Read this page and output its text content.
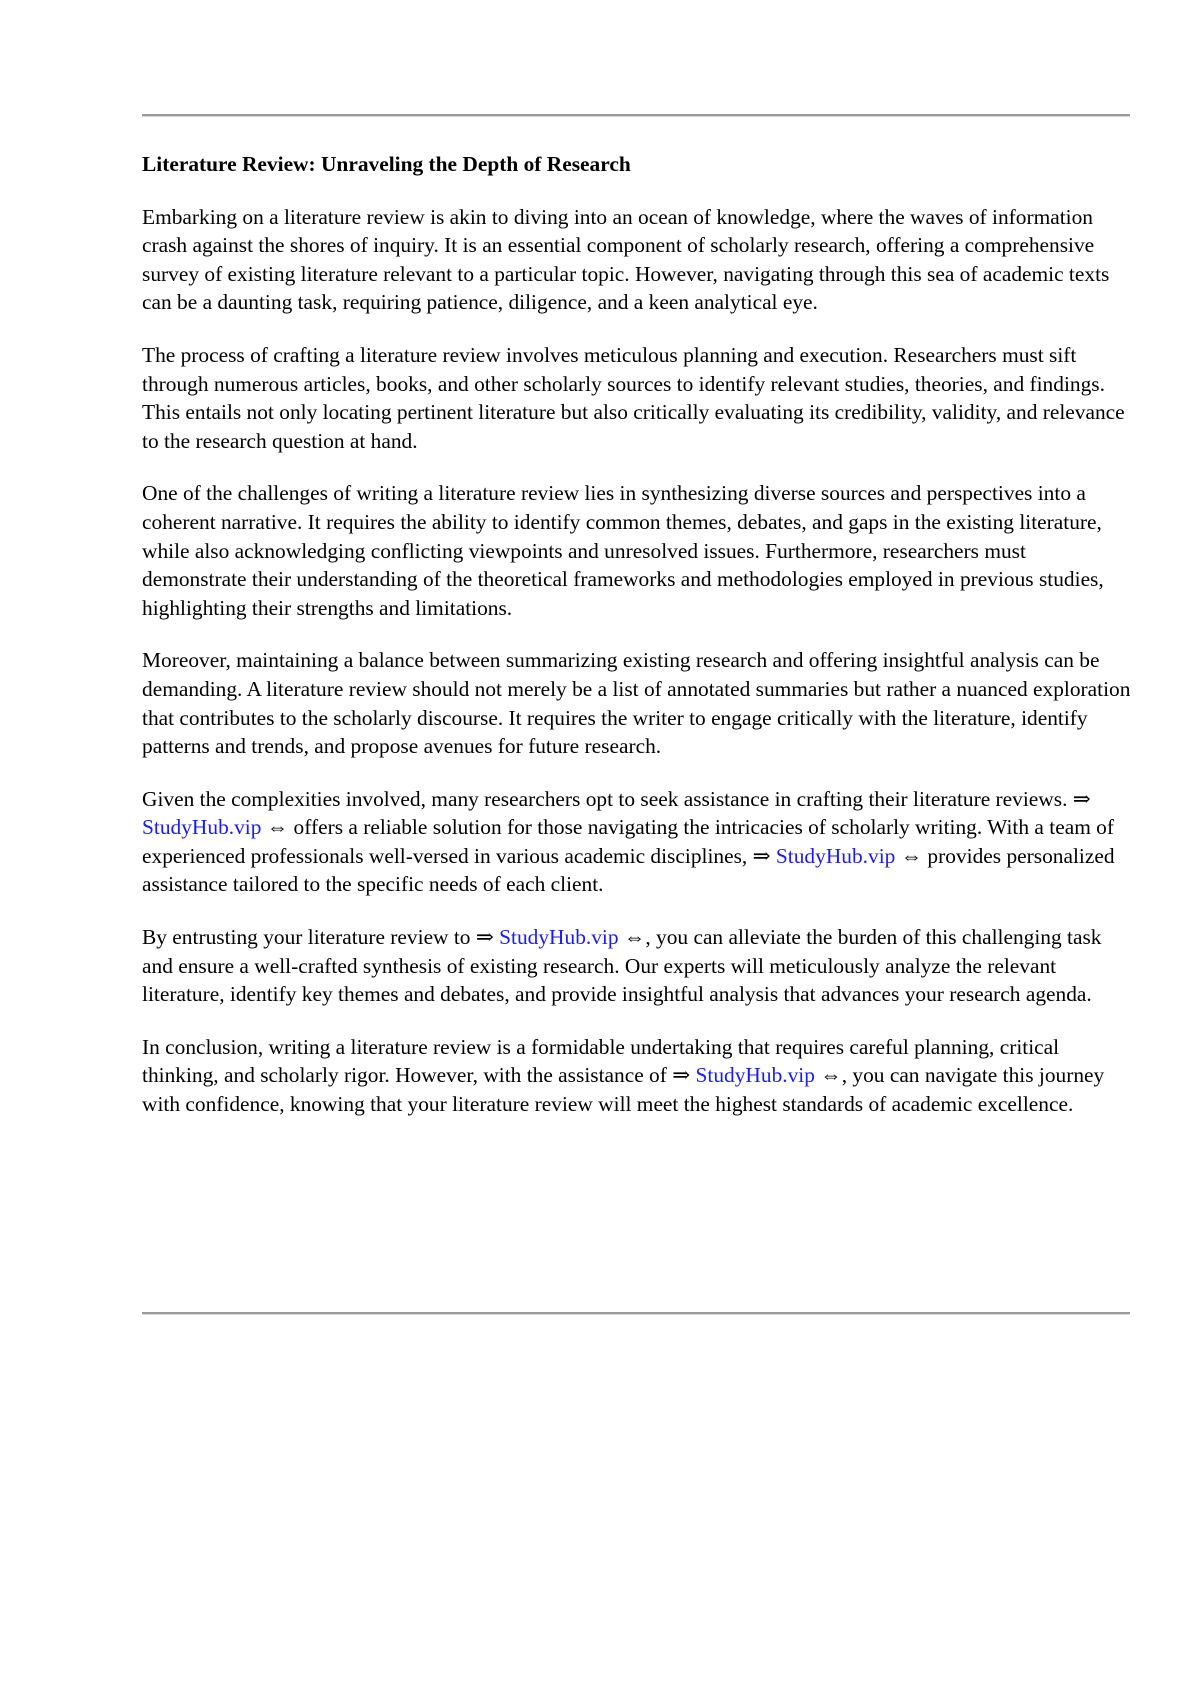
Literature Review: Unraveling the Depth of Research

Embarking on a literature review is akin to diving into an ocean of knowledge, where the waves of information crash against the shores of inquiry. It is an essential component of scholarly research, offering a comprehensive survey of existing literature relevant to a particular topic. However, navigating through this sea of academic texts can be a daunting task, requiring patience, diligence, and a keen analytical eye.

The process of crafting a literature review involves meticulous planning and execution. Researchers must sift through numerous articles, books, and other scholarly sources to identify relevant studies, theories, and findings. This entails not only locating pertinent literature but also critically evaluating its credibility, validity, and relevance to the research question at hand.

One of the challenges of writing a literature review lies in synthesizing diverse sources and perspectives into a coherent narrative. It requires the ability to identify common themes, debates, and gaps in the existing literature, while also acknowledging conflicting viewpoints and unresolved issues. Furthermore, researchers must demonstrate their understanding of the theoretical frameworks and methodologies employed in previous studies, highlighting their strengths and limitations.

Moreover, maintaining a balance between summarizing existing research and offering insightful analysis can be demanding. A literature review should not merely be a list of annotated summaries but rather a nuanced exploration that contributes to the scholarly discourse. It requires the writer to engage critically with the literature, identify patterns and trends, and propose avenues for future research.

Given the complexities involved, many researchers opt to seek assistance in crafting their literature reviews. ⇒ StudyHub.vip ⇔ offers a reliable solution for those navigating the intricacies of scholarly writing. With a team of experienced professionals well-versed in various academic disciplines, ⇒ StudyHub.vip ⇔ provides personalized assistance tailored to the specific needs of each client.

By entrusting your literature review to ⇒ StudyHub.vip ⇔, you can alleviate the burden of this challenging task and ensure a well-crafted synthesis of existing research. Our experts will meticulously analyze the relevant literature, identify key themes and debates, and provide insightful analysis that advances your research agenda.

In conclusion, writing a literature review is a formidable undertaking that requires careful planning, critical thinking, and scholarly rigor. However, with the assistance of ⇒ StudyHub.vip ⇔, you can navigate this journey with confidence, knowing that your literature review will meet the highest standards of academic excellence.
